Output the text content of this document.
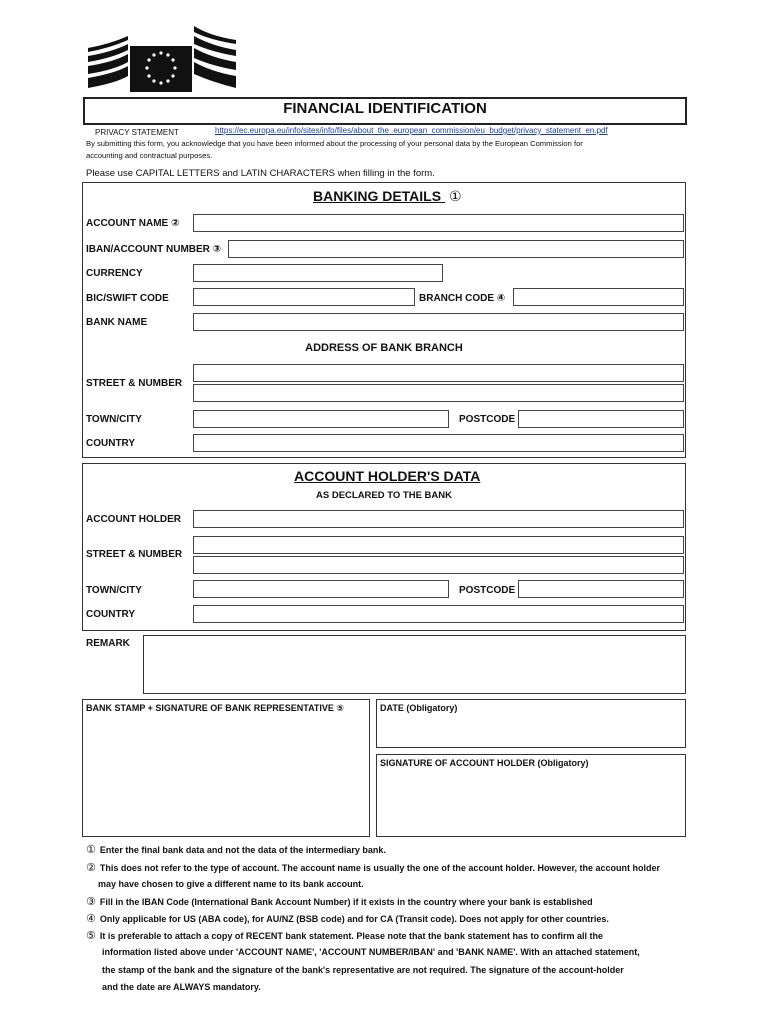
FINANCIAL IDENTIFICATION
PRIVACY STATEMENT	https://ec.europa.eu/info/sites/info/files/about_the_european_commission/eu_budget/privacy_statement_en.pdf
By submitting this form, you acknowledge that you have been informed about the processing of your personal data by the European Commission for
accounting and contractual purposes.
Please use CAPITAL LETTERS and LATIN CHARACTERS when filling in the form.
BANKING DETAILS ①
ACCOUNT NAME ②
IBAN/ACCOUNT NUMBER ③
CURRENCY
BIC/SWIFT CODE	BRANCH CODE ④
BANK NAME
ADDRESS OF BANK BRANCH
STREET & NUMBER
TOWN/CITY	POSTCODE
COUNTRY
ACCOUNT HOLDER'S DATA
AS DECLARED TO THE BANK
ACCOUNT HOLDER
STREET & NUMBER
TOWN/CITY	POSTCODE
COUNTRY
REMARK
BANK STAMP + SIGNATURE OF BANK REPRESENTATIVE ⑤	DATE (Obligatory)
SIGNATURE OF ACCOUNT HOLDER (Obligatory)
① Enter the final bank data and not the data of the intermediary bank.
② This does not refer to the type of account. The account name is usually the one of the account holder. However, the account holder
may have chosen to give a different name to its bank account.
③ Fill in the IBAN Code (International Bank Account Number) if it exists in the country where your bank is established
④ Only applicable for US (ABA code), for AU/NZ (BSB code) and for CA (Transit code). Does not apply for other countries.
⑤ It is preferable to attach a copy of RECENT bank statement. Please note that the bank statement has to confirm all the
information listed above under 'ACCOUNT NAME', 'ACCOUNT NUMBER/IBAN' and 'BANK NAME'. With an attached statement,
the stamp of the bank and the signature of the bank's representative are not required. The signature of the account-holder
and the date are ALWAYS mandatory.
